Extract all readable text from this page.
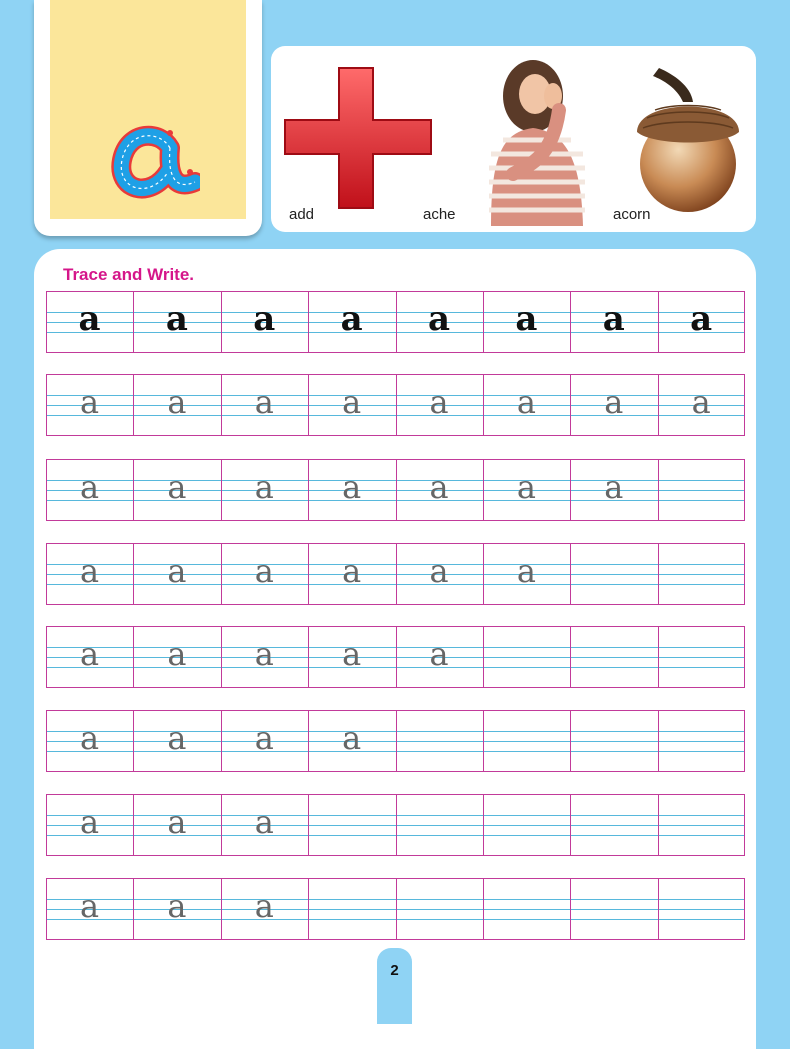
add	ache	acorn
Trace and Write.
a	a	a	a	a	a	a	a
a	a	a	a	a	a	a	a
a	a	a	a	a	a	a
a	a	a	a	a	a
a	a	a	a	a
a	a	a	a
a	a	a
a	a	a
2
